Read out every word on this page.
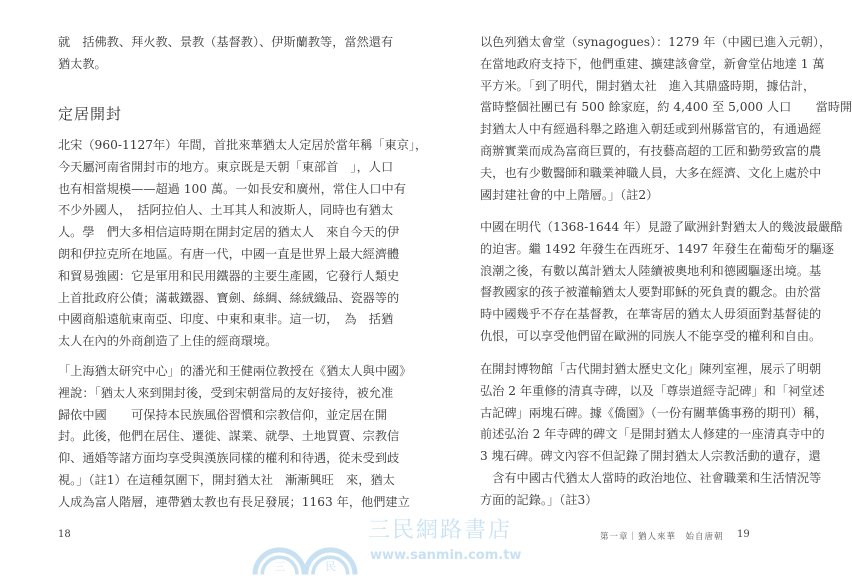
就　括佛教、拜火教、景教（基督教）、伊斯蘭教等，當然還有
猶太教。
定居開封
北宋（960-1127年）年間，首批來華猶太人定居於當年稱「東京」，
今天屬河南省開封市的地方。東京既是天朝「東部首　」，人口
也有相當規模——超過 100 萬。一如長安和廣州，常住人口中有
不少外國人，　括阿拉伯人、土耳其人和波斯人，同時也有猶太
人。學　們大多相信這時期在開封定居的猶太人　來自今天的伊
朗和伊拉克所在地區。有唐一代，中國一直是世界上最大經濟體
和貿易強國：它是軍用和民用鐵器的主要生產國，它發行人類史
上首批政府公債；滿載鐵器、寶劍、絲綢、絲絨織品、瓷器等的
中國商船遠航東南亞、印度、中東和東非。這一切，　為　括猶
太人在內的外商創造了上佳的經商環境。
「上海猶太研究中心」的潘光和王健兩位教授在《猶太人與中國》
裡說：「猶太人來到開封後，受到宋朝當局的友好接待，被允准
歸依中國　　可保持本民族風俗習慣和宗教信仰，並定居在開
封。此後，他們在居住、遷徙、謀業、就學、土地買賣、宗教信
仰、通婚等諸方面均享受與漢族同樣的權利和待遇，從未受到歧
視。」（註1）在這種氛圍下，開封猶太社　漸漸興旺　來，猶太
人成為富人階層，連帶猶太教也有長足發展；1163 年，他們建立
18
以色列猶太會堂（synagogues）：1279 年（中國已進入元朝），
在當地政府支持下，他們重建、擴建該會堂，新會堂佔地達 1 萬
平方米。「到了明代，開封猶太社　進入其鼎盛時期，據估計，
當時整個社團已有 500 餘家庭，約 4,400 至 5,000 人口　　當時開
封猶太人中有經過科舉之路進入朝廷或到州縣當官的，有通過經
商辦實業而成為富商巨賈的，有技藝高超的工匠和勤勞致富的農
夫，也有少數醫師和職業神職人員，大多在經濟、文化上處於中
國封建社會的中上階層。」（註2）
中國在明代（1368-1644 年）見證了歐洲針對猶太人的幾波最嚴酷
的迫害。繼 1492 年發生在西班牙、1497 年發生在葡萄牙的驅逐
浪潮之後，有數以萬計猶太人陸續被奧地利和德國驅逐出境。基
督教國家的孩子被灌輸猶太人要對耶穌的死負責的觀念。由於當
時中國幾乎不存在基督教，在華寄居的猶太人毋須面對基督徒的
仇恨，可以享受他們留在歐洲的同族人不能享受的權利和自由。
在開封博物館「古代開封猶太歷史文化」陳列室裡，展示了明朝
弘治 2 年重修的清真寺碑，以及「尊崇道經寺記碑」和「祠堂述
古記碑」兩塊石碑。據《僑園》（一份有關華僑事務的期刊）稱，
前述弘治 2 年寺碑的碑文「是開封猶太人修建的一座清真寺中的
3 塊石碑。碑文內容不但記錄了開封猶太人宗教活動的遺存，還
　含有中國古代猶太人當時的政治地位、社會職業和生活情況等
方面的記錄。」（註3）
第一章｜猶人來華　始自唐朝 19
三	民
三民網路書店
www.sanmin.com.tw
